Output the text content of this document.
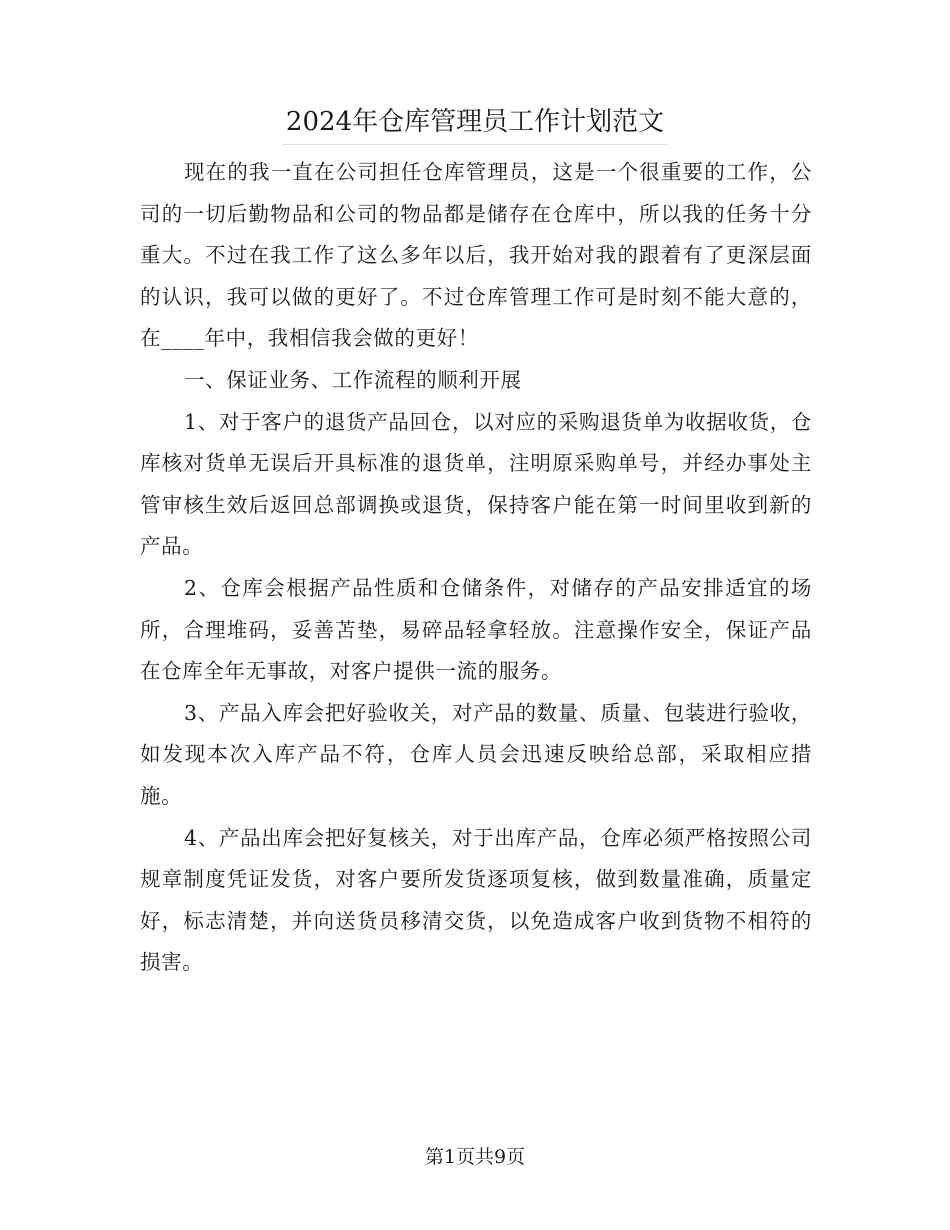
2024年仓库管理员工作计划范文

现在的我一直在公司担任仓库管理员，这是一个很重要的工作，公司的一切后勤物品和公司的物品都是储存在仓库中，所以我的任务十分重大。不过在我工作了这么多年以后，我开始对我的跟着有了更深层面的认识，我可以做的更好了。不过仓库管理工作可是时刻不能大意的，在____年中，我相信我会做的更好！

一、保证业务、工作流程的顺利开展

1、对于客户的退货产品回仓，以对应的采购退货单为收据收货，仓库核对货单无误后开具标准的退货单，注明原采购单号，并经办事处主管审核生效后返回总部调换或退货，保持客户能在第一时间里收到新的产品。

2、仓库会根据产品性质和仓储条件，对储存的产品安排适宜的场所，合理堆码，妥善苫垫，易碎品轻拿轻放。注意操作安全，保证产品在仓库全年无事故，对客户提供一流的服务。

3、产品入库会把好验收关，对产品的数量、质量、包装进行验收，如发现本次入库产品不符，仓库人员会迅速反映给总部，采取相应措施。

4、产品出库会把好复核关，对于出库产品，仓库必须严格按照公司规章制度凭证发货，对客户要所发货逐项复核，做到数量准确，质量定好，标志清楚，并向送货员移清交货，以免造成客户收到货物不相符的损害。

第1页共9页
